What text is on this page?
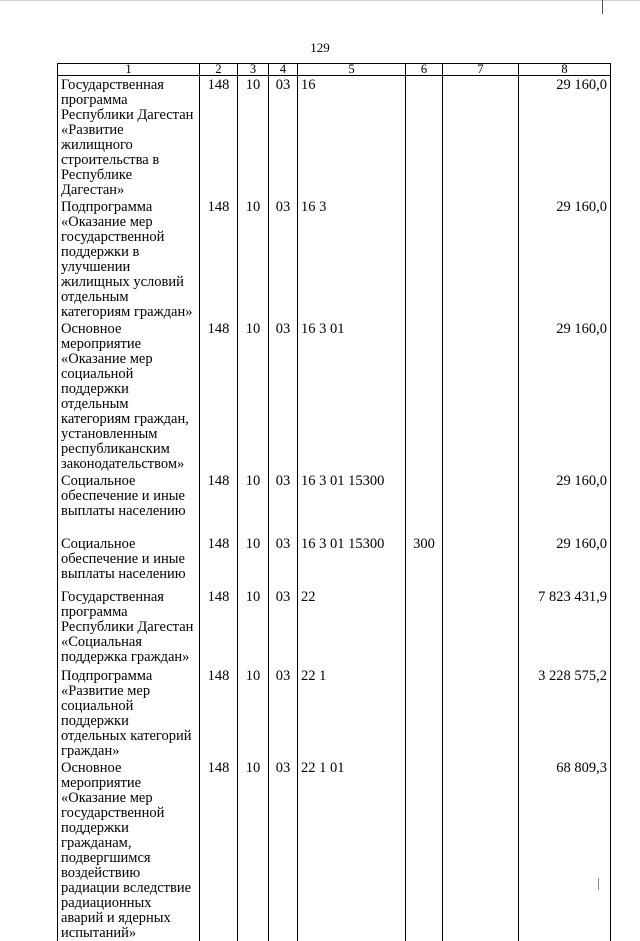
129
1	2	3	4	5	6	7	8
Государственная программа Республики Дагестан «Развитие жилищного строительства в Республике Дагестан»	148	10	03	16			29 160,0
Подпрограмма «Оказание мер государственной поддержки в улучшении жилищных условий отдельным категориям граждан»	148	10	03	16 3			29 160,0
Основное мероприятие «Оказание мер социальной поддержки отдельным категориям граждан, установленным республиканским законодательством»	148	10	03	16 3 01			29 160,0
Социальное обеспечение и иные выплаты населению	148	10	03	16 3 01 15300			29 160,0
Социальное обеспечение и иные выплаты населению	148	10	03	16 3 01 15300	300		29 160,0
Государственная программа Республики Дагестан «Социальная поддержка граждан»	148	10	03	22			7 823 431,9
Подпрограмма «Развитие мер социальной поддержки отдельных категорий граждан»	148	10	03	22 1			3 228 575,2
Основное мероприятие «Оказание мер государственной поддержки гражданам, подвергшимся воздействию радиации вследствие радиационных аварий и ядерных испытаний»	148	10	03	22 1 01			68 809,3
